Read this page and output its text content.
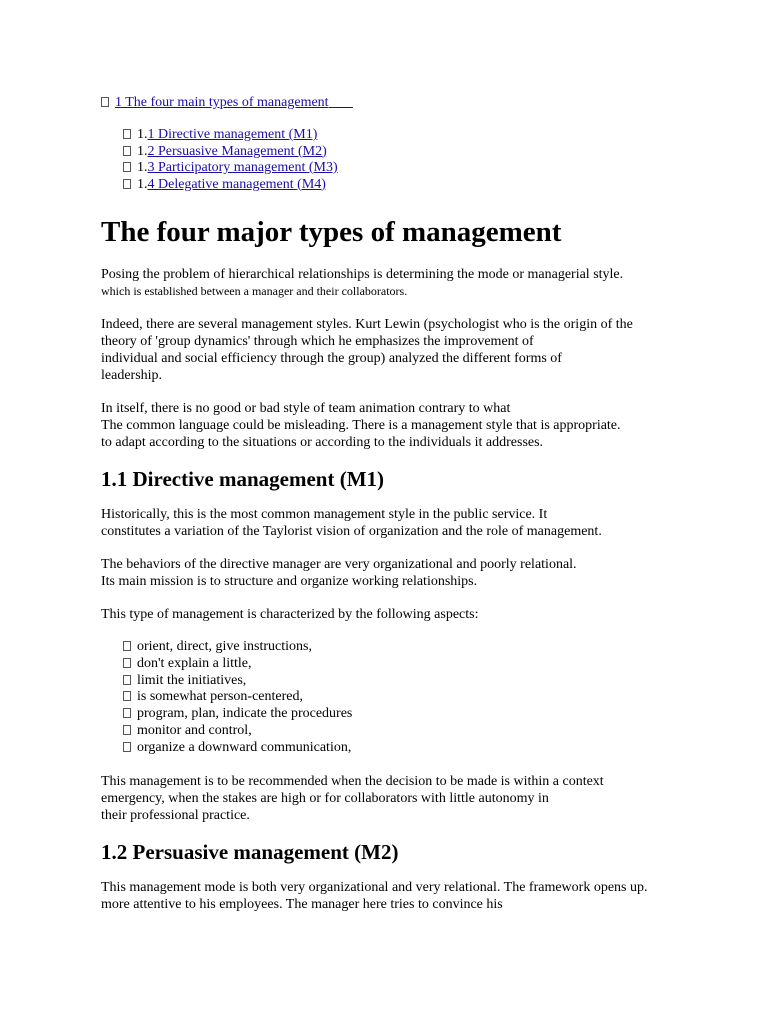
1 The four main types of management
1.1 Directive management (M1)
1.2 Persuasive Management (M2)
1.3 Participatory management (M3)
1.4 Delegative management (M4)
The four major types of management

Posing the problem of hierarchical relationships is determining the mode or managerial style.
which is established between a manager and their collaborators.

Indeed, there are several management styles. Kurt Lewin (psychologist who is the origin of the
theory of 'group dynamics' through which he emphasizes the improvement of
individual and social efficiency through the group) analyzed the different forms of
leadership.

In itself, there is no good or bad style of team animation contrary to what
The common language could be misleading. There is a management style that is appropriate.
to adapt according to the situations or according to the individuals it addresses.

1.1 Directive management (M1)

Historically, this is the most common management style in the public service. It
constitutes a variation of the Taylorist vision of organization and the role of management.

The behaviors of the directive manager are very organizational and poorly relational.
Its main mission is to structure and organize working relationships.

This type of management is characterized by the following aspects:

orient, direct, give instructions,
don't explain a little,
limit the initiatives,
is somewhat person-centered,
program, plan, indicate the procedures
monitor and control,
organize a downward communication,

This management is to be recommended when the decision to be made is within a context
emergency, when the stakes are high or for collaborators with little autonomy in
their professional practice.

1.2 Persuasive management (M2)

This management mode is both very organizational and very relational. The framework opens up.
more attentive to his employees. The manager here tries to convince his
